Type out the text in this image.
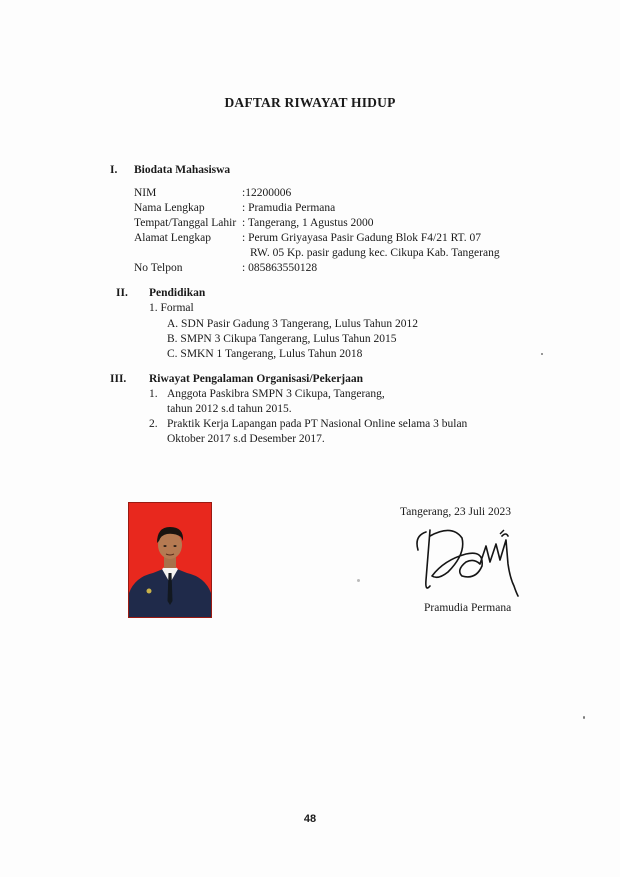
DAFTAR RIWAYAT HIDUP
I. Biodata Mahasiswa
NIM	:12200006
Nama Lengkap	: Pramudia Permana
Tempat/Tanggal Lahir : Tangerang, 1 Agustus 2000
Alamat Lengkap	: Perum Griyayasa Pasir Gadung Blok F4/21 RT. 07
RW. 05 Kp. pasir gadung kec. Cikupa Kab. Tangerang
No Telpon	: 085863550128
II. Pendidikan
1. Formal
A. SDN Pasir Gadung 3 Tangerang, Lulus Tahun 2012
B. SMPN 3 Cikupa Tangerang, Lulus Tahun 2015
C. SMKN 1 Tangerang, Lulus Tahun 2018
III. Riwayat Pengalaman Organisasi/Pekerjaan
1. Anggota Paskibra SMPN 3 Cikupa, Tangerang,
tahun 2012 s.d tahun 2015.
2. Praktik Kerja Lapangan pada PT Nasional Online selama 3 bulan
Oktober 2017 s.d Desember 2017.
Tangerang, 23 Juli 2023
Pramudia Permana
48
